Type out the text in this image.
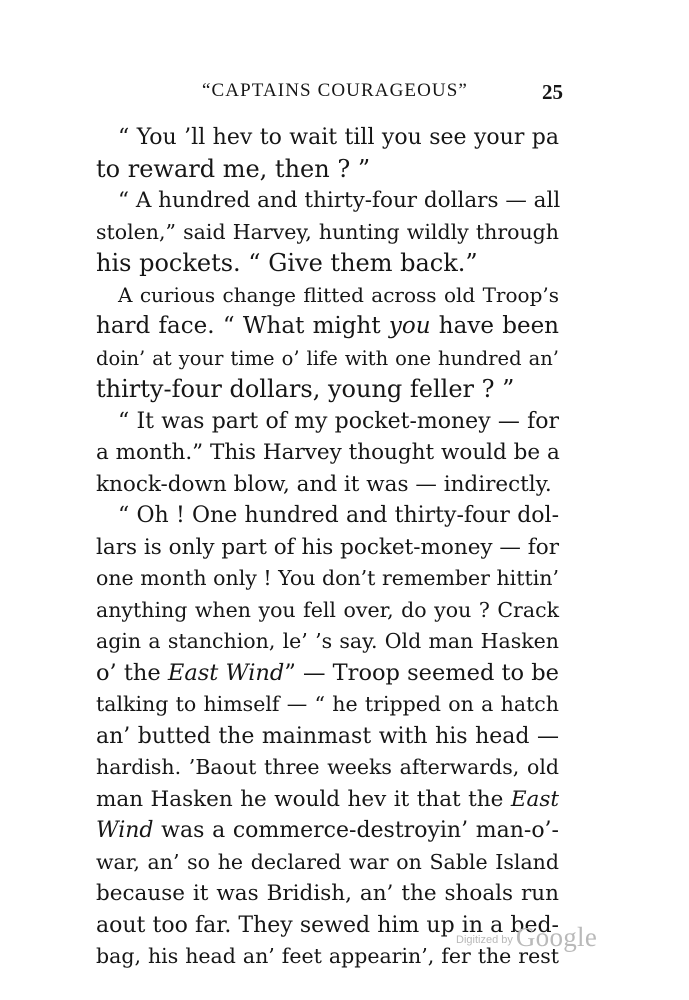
“CAPTAINS COURAGEOUS”	25
“ You ’ll hev to wait till you see your pa
to reward me, then ? ”
“ A hundred and thirty-four dollars — all
stolen,” said Harvey, hunting wildly through
his pockets. “ Give them back.”
A curious change flitted across old Troop’s
hard face. “ What might you have been
doin’ at your time o’ life with one hundred an’
thirty-four dollars, young feller ? ”
“ It was part of my pocket-money — for
a month.” This Harvey thought would be a
knock-down blow, and it was — indirectly.
“ Oh ! One hundred and thirty-four dol-
lars is only part of his pocket-money — for
one month only ! You don’t remember hittin’
anything when you fell over, do you ? Crack
agin a stanchion, le’ ’s say. Old man Hasken
o’ the East Wind” — Troop seemed to be
talking to himself — “ he tripped on a hatch
an’ butted the mainmast with his head —
hardish. ’Baout three weeks afterwards, old
man Hasken he would hev it that the East
Wind was a commerce-destroyin’ man-o’-
war, an’ so he declared war on Sable Island
because it was Bridish, an’ the shoals run
aout too far. They sewed him up in a bed-
bag, his head an’ feet appearin’, fer the rest
Digitized by Google
